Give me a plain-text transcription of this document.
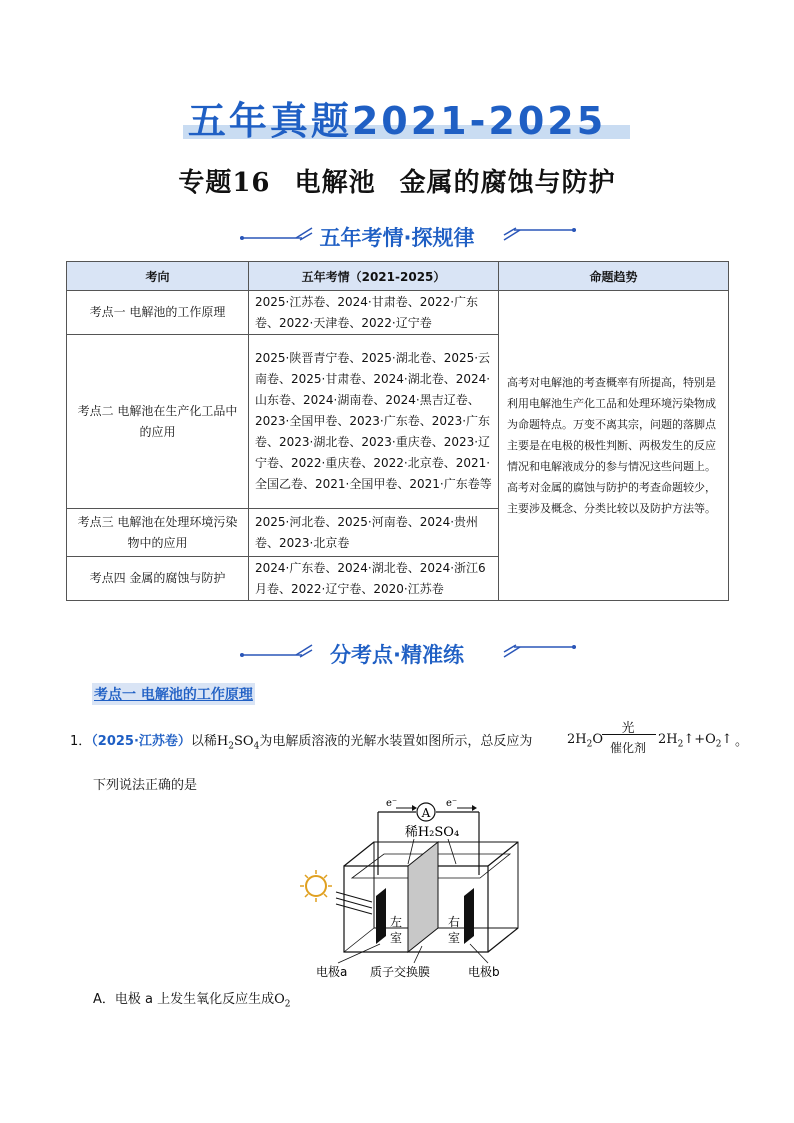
五年真题2021-2025
专题16 电解池 金属的腐蚀与防护
五年考情·探规律
考向	五年考情（2021-2025）	命题趋势
考点一 电解池的工作原理	2025·江苏卷、2024·甘肃卷、2022·广东卷、2022·天津卷、2022·辽宁卷	高考对电解池的考查概率有所提高，特别是利用电解池生产化工品和处理环境污染物成为命题特点。万变不离其宗，问题的落脚点主要是在电极的极性判断、两极发生的反应情况和电解液成分的参与情况这些问题上。高考对金属的腐蚀与防护的考查命题较少，主要涉及概念、分类比较以及防护方法等。
考点二 电解池在生产化工品中的应用	2025·陕晋青宁卷、2025·湖北卷、2025·云南卷、2025·甘肃卷、2024·湖北卷、2024·山东卷、2024·湖南卷、2024·黑吉辽卷、2023·全国甲卷、2023·广东卷、2023·广东卷、2023·湖北卷、2023·重庆卷、2023·辽宁卷、2022·重庆卷、2022·北京卷、2021·全国乙卷、2021·全国甲卷、2021·广东卷等	
考点三 电解池在处理环境污染物中的应用	2025·河北卷、2025·河南卷、2024·贵州卷、2023·北京卷	
考点四 金属的腐蚀与防护	2024·广东卷、2024·湖北卷、2024·浙江6月卷、2022·辽宁卷、2020·江苏卷	
分考点·精准练
考点一 电解池的工作原理
1．（2025·江苏卷）以稀$H_2SO_4$为电解质溶液的光解水装置如图所示，总反应为	$2H_2O$
光
催化剂
$2H_2↑+O_2↑$ 。
下列说法正确的是
A
e⁻	e⁻
稀H₂SO₄
左
室
右
室
电极a 质子交换膜	电极b
A．电极 a 上发生氧化反应生成$O_2$
